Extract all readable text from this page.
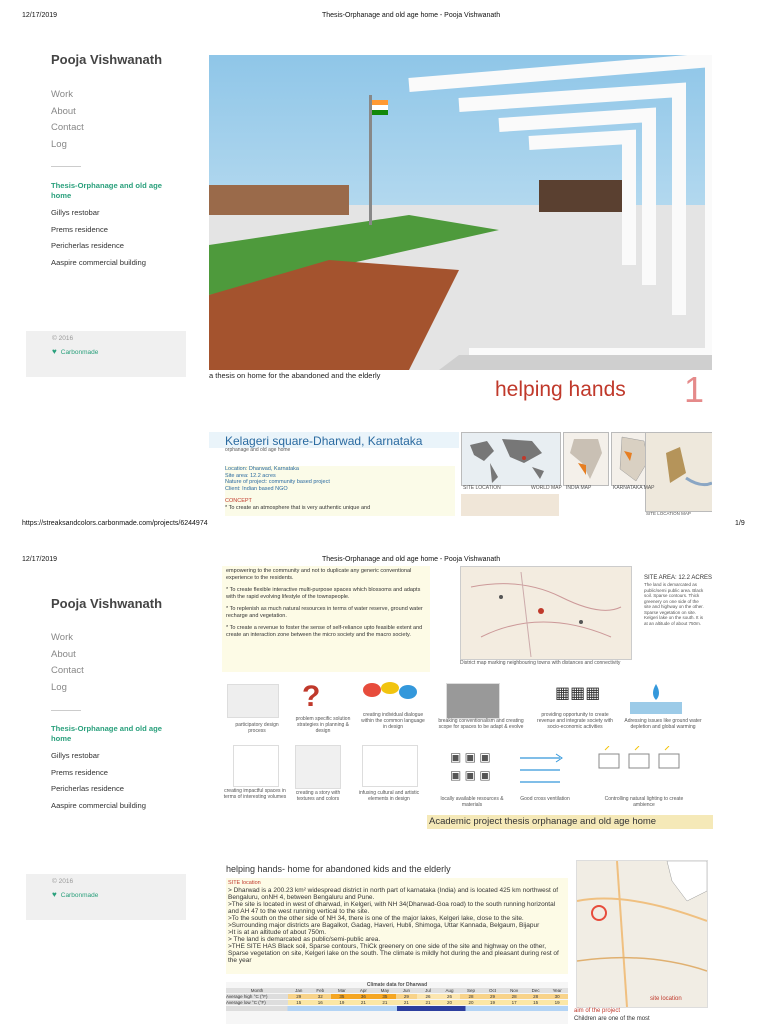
12/17/2019	Thesis-Orphanage and old age home - Pooja Vishwanath
Pooja Vishwanath
Work
About
Contact
Log
Thesis-Orphanage and old age home
Gillys restobar
Prems residence
Pericherlas residence
Aaspire commercial building
© 2016
♥ Carbonmade
a thesis on home for the abandoned and the elderly
helping hands 1
Kelageri square-Dharwad, Karnataka
orphanage and old age home
Location: Dharwad, Karnataka
Site area: 12.2 acres
Nature of project: community based project
Client: Indian based NGO
CONCEPT
* To create an atmosphere that is very authentic unique and
SITE LOCATION	WORLD MAP INDIA MAP	KARNATAKA MAP
SITE LOCATION MAP
https://streaksandcolors.carbonmade.com/projects/6244974	1/9
12/17/2019	Thesis-Orphanage and old age home - Pooja Vishwanath
Pooja Vishwanath
Work
About
Contact
Log
Thesis-Orphanage and old age home
Gillys restobar
Prems residence
Pericherlas residence
Aaspire commercial building
© 2016
♥ Carbonmade
empowering to the community and not to duplicate any generic conventional experience to the residents.
* To create flexible interactive multi-purpose spaces which blossoms and adapts with the rapid evolving lifestyle of the townspeople.
* To replenish as much natural resources in terms of water reserve, ground water recharge and vegetation.
* To create a revenue to foster the sense of self-reliance upto feasible extent and create an interaction zone between the micro society and the macro society.
District map marking neighbouring towns with distances and connectivity
SITE AREA: 12.2 ACRES
The land is demarcated as public/semi public area. Black soil. Sparse contours. Thick greenery on one side of the site and highway on the other. Sparse vegetation on site. Kelgeri lake on the south. It is at an altitude of about 750m.
?	▦▦▦
participatory design process
problem specific solution strategies in planning & design
creating individual dialogue within the common language in design
breaking conventionalism and creating scope for spaces to be adapt & evolve
providing opportunity to create revenue and integrate society with socio-economic activities
Adressing issues like ground water depletion and global warming
▣ ▣ ▣
▣ ▣ ▣
creating impactful spaces in terms of interesting volumes
creating a story with textures and colors
infusing cultural and artistic elements in design	locally available resources & materials
Good cross ventilation	Controlling natural lighting to create ambience
Academic project thesis orphanage and old age home
helping hands- home for abandoned kids and the elderly
SITE location
> Dharwad is a 200.23 km² widespread district in north part of karnataka (India) and is located 425 km northwest of Bengaluru, onNH 4, between Bengaluru and Pune.
>The site is located in west of dharwad, in Kelgeri, with NH 34(Dharwad-Goa road) to the south running horizontal and AH 47 to the west running vertical to the site.
>To the south on the other side of NH 34, there is one of the major lakes, Kelgeri lake, close to the site.
>Surrounding major districts are Bagalkot, Gadag, Haveri, Hubli, Shimoga, Uttar Kannada, Belgaum, Bijapur
>It is at an altitude of about 750m.
> The land is demarcated as public/semi-public area.
>THE SITE HAS Black soil, Sparse contours, ThiCk greenery on one side of the site and highway on the other, Sparse vegetation on site, Kelgeri lake on the south. The climate is mildly hot during the and pleasant during rest of the year
Climate data for Dharwad
Month	Jan	Feb	Mar	Apr	May	Jun	Jul	Aug	Sep	Oct	Nov	Dec	Year
Average high °C (°F)	29	32	35	36	35	29	26	26	28	29	28	28	30
Average low °C (°F)	15	16	19	21	21	21	21	20	20	19	17	15	19
site location
aim of the project
Children are one of the most
